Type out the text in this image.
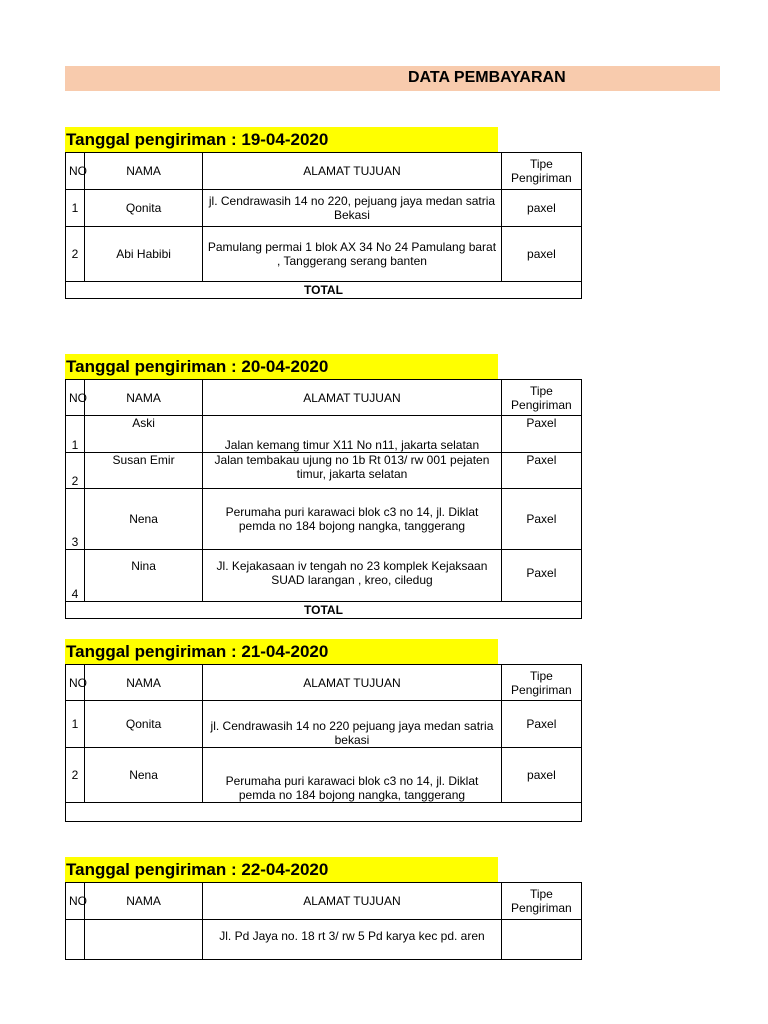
DATA PEMBAYARAN
Tanggal pengiriman : 19-04-2020
NO	NAMA	ALAMAT TUJUAN	Tipe Pengiriman
1	Qonita	jl. Cendrawasih 14 no 220, pejuang jaya medan satria Bekasi	paxel
2	Abi Habibi	Pamulang permai 1 blok AX 34 No 24 Pamulang barat , Tanggerang serang banten	paxel
TOTAL			
Tanggal pengiriman : 20-04-2020
NO	NAMA	ALAMAT TUJUAN	Tipe Pengiriman
1	Aski	Jalan kemang timur X11 No n11, jakarta selatan	Paxel
2	Susan Emir	Jalan tembakau ujung no 1b Rt 013/ rw 001 pejaten timur, jakarta selatan	Paxel
3	Nena	Perumaha puri karawaci blok c3 no 14, jl. Diklat pemda no 184 bojong nangka, tanggerang	Paxel
4	Nina	Jl. Kejakasaan iv tengah no 23 komplek Kejaksaan SUAD larangan , kreo, ciledug	Paxel
TOTAL			
Tanggal pengiriman : 21-04-2020
NO	NAMA	ALAMAT TUJUAN	Tipe Pengiriman
1	Qonita	jl. Cendrawasih 14 no 220 pejuang jaya medan satria bekasi	Paxel
2	Nena	Perumaha puri karawaci blok c3 no 14, jl. Diklat pemda no 184 bojong nangka, tanggerang	paxel

Tanggal pengiriman : 22-04-2020
NO	NAMA	ALAMAT TUJUAN	Tipe Pengiriman
		Jl. Pd Jaya no. 18 rt 3/ rw 5 Pd karya kec pd. aren	
